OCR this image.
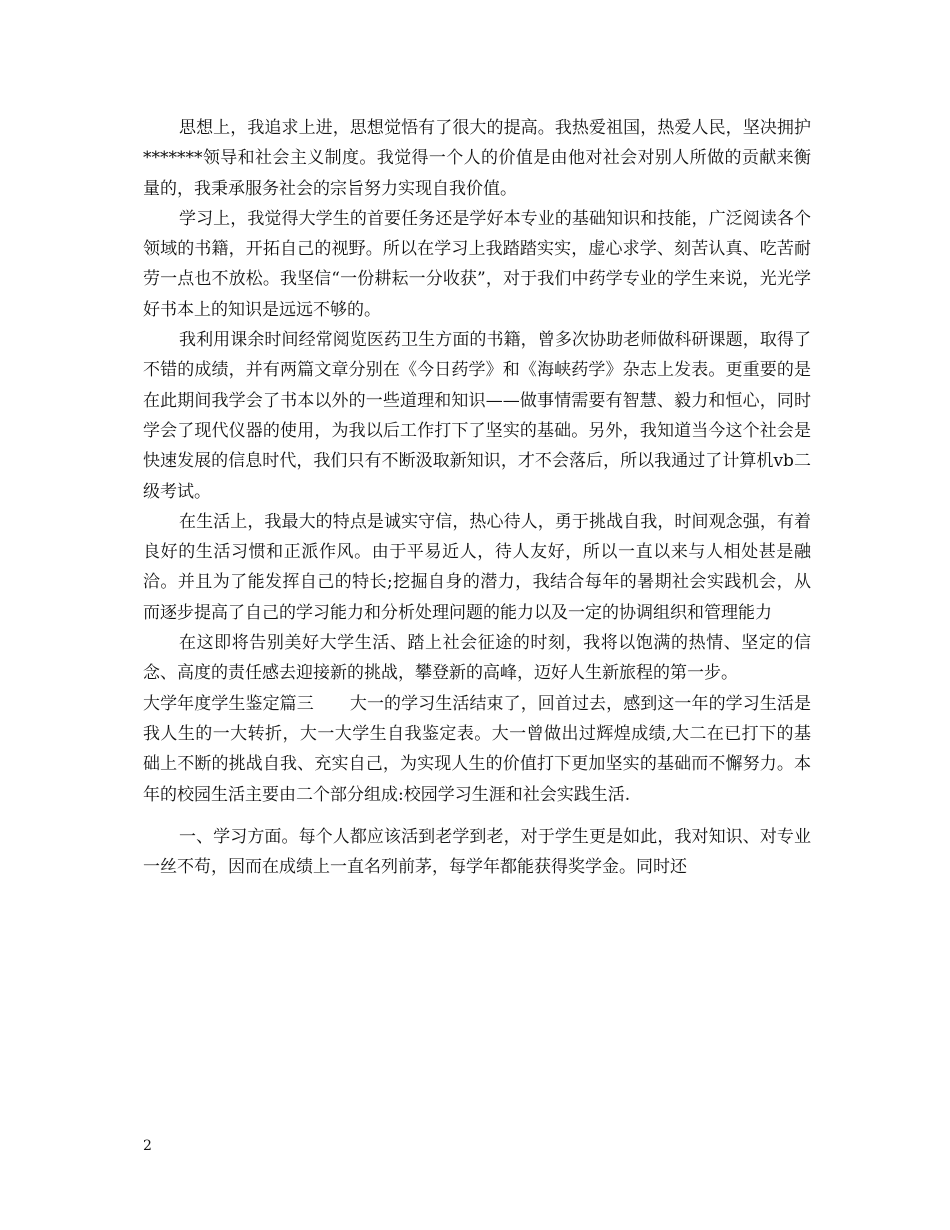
思想上，我追求上进，思想觉悟有了很大的提高。我热爱祖国，热爱人民，坚决拥护*******领导和社会主义制度。我觉得一个人的价值是由他对社会对别人所做的贡献来衡量的，我秉承服务社会的宗旨努力实现自我价值。

学习上，我觉得大学生的首要任务还是学好本专业的基础知识和技能，广泛阅读各个领域的书籍，开拓自己的视野。所以在学习上我踏踏实实，虚心求学、刻苦认真、吃苦耐劳一点也不放松。我坚信“一份耕耘一分收获”，对于我们中药学专业的学生来说，光光学好书本上的知识是远远不够的。

我利用课余时间经常阅览医药卫生方面的书籍，曾多次协助老师做科研课题，取得了不错的成绩，并有两篇文章分别在《今日药学》和《海峡药学》杂志上发表。更重要的是在此期间我学会了书本以外的一些道理和知识——做事情需要有智慧、毅力和恒心，同时学会了现代仪器的使用，为我以后工作打下了坚实的基础。另外，我知道当今这个社会是快速发展的信息时代，我们只有不断汲取新知识，才不会落后，所以我通过了计算机vb二级考试。

在生活上，我最大的特点是诚实守信，热心待人，勇于挑战自我，时间观念强，有着良好的生活习惯和正派作风。由于平易近人，待人友好，所以一直以来与人相处甚是融洽。并且为了能发挥自己的特长;挖掘自身的潜力，我结合每年的暑期社会实践机会，从而逐步提高了自己的学习能力和分析处理问题的能力以及一定的协调组织和管理能力

在这即将告别美好大学生活、踏上社会征途的时刻，我将以饱满的热情、坚定的信念、高度的责任感去迎接新的挑战，攀登新的高峰，迈好人生新旅程的第一步。

大学年度学生鉴定篇三 大一的学习生活结束了，回首过去，感到这一年的学习生活是我人生的一大转折，大一大学生自我鉴定表。大一曾做出过辉煌成绩,大二在已打下的基础上不断的挑战自我、充实自己，为实现人生的价值打下更加坚实的基础而不懈努力。本年的校园生活主要由二个部分组成:校园学习生涯和社会实践生活.

一、学习方面。每个人都应该活到老学到老，对于学生更是如此，我对知识、对专业一丝不苟，因而在成绩上一直名列前茅，每学年都能获得奖学金。同时还

2
